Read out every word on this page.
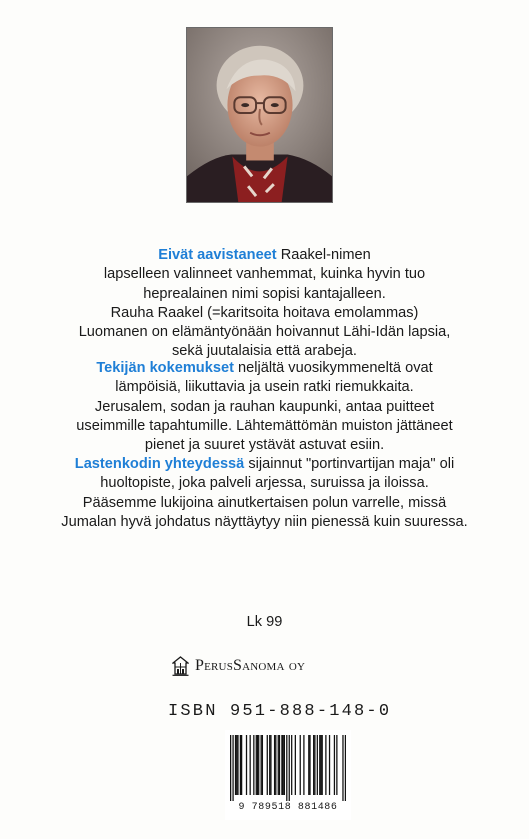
Eivät aavistaneet Raakel-nimen
lapselleen valinneet vanhemmat, kuinka hyvin tuo
heprealainen nimi sopisi kantajalleen.
Rauha Raakel (=karitsoita hoitava emolammas)
Luomanen on elämäntyönään hoivannut Lähi-Idän lapsia,
sekä juutalaisia että arabeja.

Tekijän kokemukset neljältä vuosikymmeneltä ovat
lämpöisiä, liikuttavia ja usein ratki riemukkaita.
Jerusalem, sodan ja rauhan kaupunki, antaa puitteet
useimmille tapahtumille. Lähtemättömän muiston jättäneet
pienet ja suuret ystävät astuvat esiin.

Lastenkodin yhteydessä sijainnut "portinvartijan maja" oli
huoltopiste, joka palveli arjessa, suruissa ja iloissa.
Pääsemme lukijoina ainutkertaisen polun varrelle, missä
Jumalan hyvä johdatus näyttäytyy niin pienessä kuin suuressa.

Lk 99
PerusSanoma oy
ISBN 951-888-148-0
9 789518 881486
